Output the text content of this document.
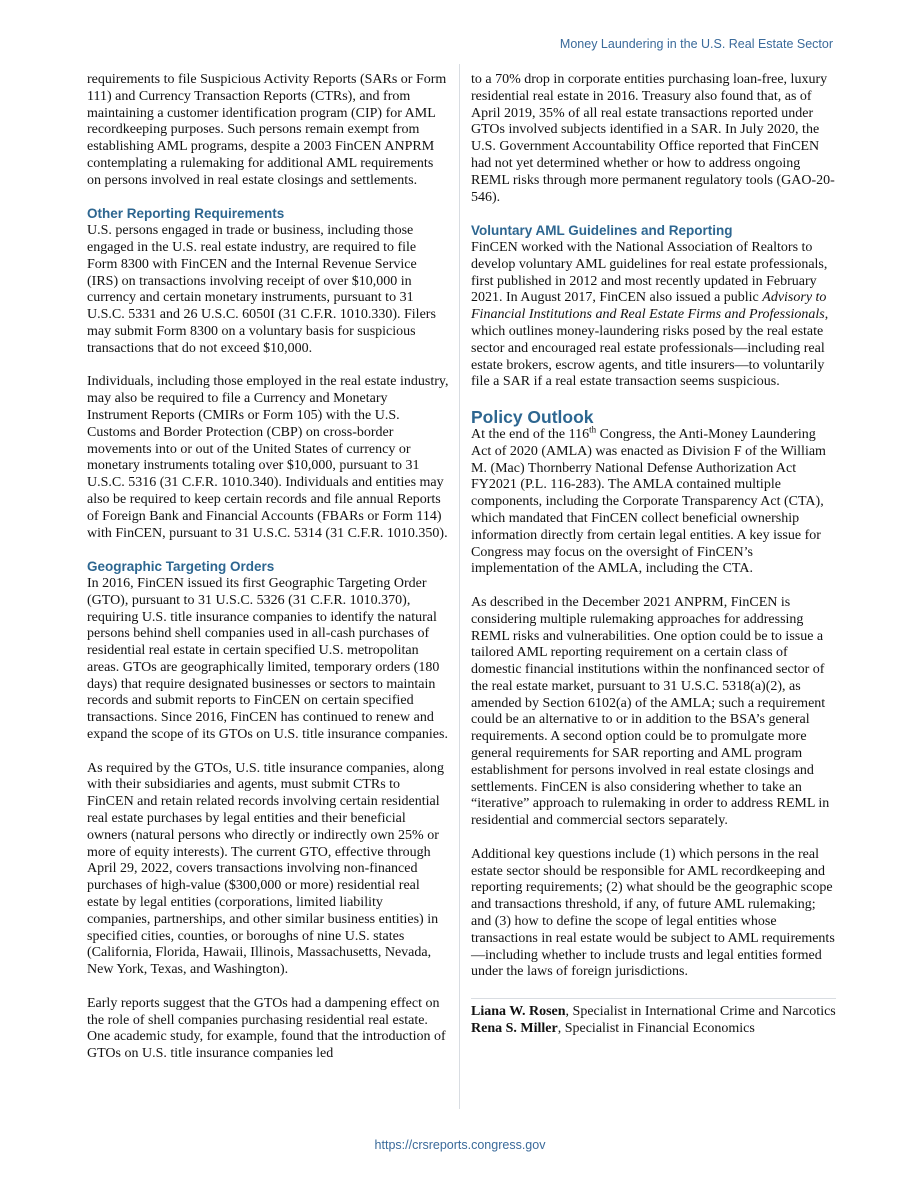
Money Laundering in the U.S. Real Estate Sector

requirements to file Suspicious Activity Reports (SARs or Form 111) and Currency Transaction Reports (CTRs), and from maintaining a customer identification program (CIP) for AML recordkeeping purposes. Such persons remain exempt from establishing AML programs, despite a 2003 FinCEN ANPRM contemplating a rulemaking for additional AML requirements on persons involved in real estate closings and settlements.

Other Reporting Requirements

U.S. persons engaged in trade or business, including those engaged in the U.S. real estate industry, are required to file Form 8300 with FinCEN and the Internal Revenue Service (IRS) on transactions involving receipt of over $10,000 in currency and certain monetary instruments, pursuant to 31 U.S.C. 5331 and 26 U.S.C. 6050I (31 C.F.R. 1010.330). Filers may submit Form 8300 on a voluntary basis for suspicious transactions that do not exceed $10,000.

Individuals, including those employed in the real estate industry, may also be required to file a Currency and Monetary Instrument Reports (CMIRs or Form 105) with the U.S. Customs and Border Protection (CBP) on cross-border movements into or out of the United States of currency or monetary instruments totaling over $10,000, pursuant to 31 U.S.C. 5316 (31 C.F.R. 1010.340). Individuals and entities may also be required to keep certain records and file annual Reports of Foreign Bank and Financial Accounts (FBARs or Form 114) with FinCEN, pursuant to 31 U.S.C. 5314 (31 C.F.R. 1010.350).

Geographic Targeting Orders

In 2016, FinCEN issued its first Geographic Targeting Order (GTO), pursuant to 31 U.S.C. 5326 (31 C.F.R. 1010.370), requiring U.S. title insurance companies to identify the natural persons behind shell companies used in all-cash purchases of residential real estate in certain specified U.S. metropolitan areas. GTOs are geographically limited, temporary orders (180 days) that require designated businesses or sectors to maintain records and submit reports to FinCEN on certain specified transactions. Since 2016, FinCEN has continued to renew and expand the scope of its GTOs on U.S. title insurance companies.

As required by the GTOs, U.S. title insurance companies, along with their subsidiaries and agents, must submit CTRs to FinCEN and retain related records involving certain residential real estate purchases by legal entities and their beneficial owners (natural persons who directly or indirectly own 25% or more of equity interests). The current GTO, effective through April 29, 2022, covers transactions involving non-financed purchases of high-value ($300,000 or more) residential real estate by legal entities (corporations, limited liability companies, partnerships, and other similar business entities) in specified cities, counties, or boroughs of nine U.S. states (California, Florida, Hawaii, Illinois, Massachusetts, Nevada, New York, Texas, and Washington).

Early reports suggest that the GTOs had a dampening effect on the role of shell companies purchasing residential real estate. One academic study, for example, found that the introduction of GTOs on U.S. title insurance companies led

to a 70% drop in corporate entities purchasing loan-free, luxury residential real estate in 2016. Treasury also found that, as of April 2019, 35% of all real estate transactions reported under GTOs involved subjects identified in a SAR. In July 2020, the U.S. Government Accountability Office reported that FinCEN had not yet determined whether or how to address ongoing REML risks through more permanent regulatory tools (GAO-20-546).

Voluntary AML Guidelines and Reporting

FinCEN worked with the National Association of Realtors to develop voluntary AML guidelines for real estate professionals, first published in 2012 and most recently updated in February 2021. In August 2017, FinCEN also issued a public Advisory to Financial Institutions and Real Estate Firms and Professionals, which outlines money-laundering risks posed by the real estate sector and encouraged real estate professionals—including real estate brokers, escrow agents, and title insurers—to voluntarily file a SAR if a real estate transaction seems suspicious.

Policy Outlook

At the end of the 116th Congress, the Anti-Money Laundering Act of 2020 (AMLA) was enacted as Division F of the William M. (Mac) Thornberry National Defense Authorization Act FY2021 (P.L. 116-283). The AMLA contained multiple components, including the Corporate Transparency Act (CTA), which mandated that FinCEN collect beneficial ownership information directly from certain legal entities. A key issue for Congress may focus on the oversight of FinCEN’s implementation of the AMLA, including the CTA.

As described in the December 2021 ANPRM, FinCEN is considering multiple rulemaking approaches for addressing REML risks and vulnerabilities. One option could be to issue a tailored AML reporting requirement on a certain class of domestic financial institutions within the nonfinanced sector of the real estate market, pursuant to 31 U.S.C. 5318(a)(2), as amended by Section 6102(a) of the AMLA; such a requirement could be an alternative to or in addition to the BSA’s general requirements. A second option could be to promulgate more general requirements for SAR reporting and AML program establishment for persons involved in real estate closings and settlements. FinCEN is also considering whether to take an “iterative” approach to rulemaking in order to address REML in residential and commercial sectors separately.

Additional key questions include (1) which persons in the real estate sector should be responsible for AML recordkeeping and reporting requirements; (2) what should be the geographic scope and transactions threshold, if any, of future AML rulemaking; and (3) how to define the scope of legal entities whose transactions in real estate would be subject to AML requirements—including whether to include trusts and legal entities formed under the laws of foreign jurisdictions.

Liana W. Rosen, Specialist in International Crime and Narcotics

Rena S. Miller, Specialist in Financial Economics

https://crsreports.congress.gov
